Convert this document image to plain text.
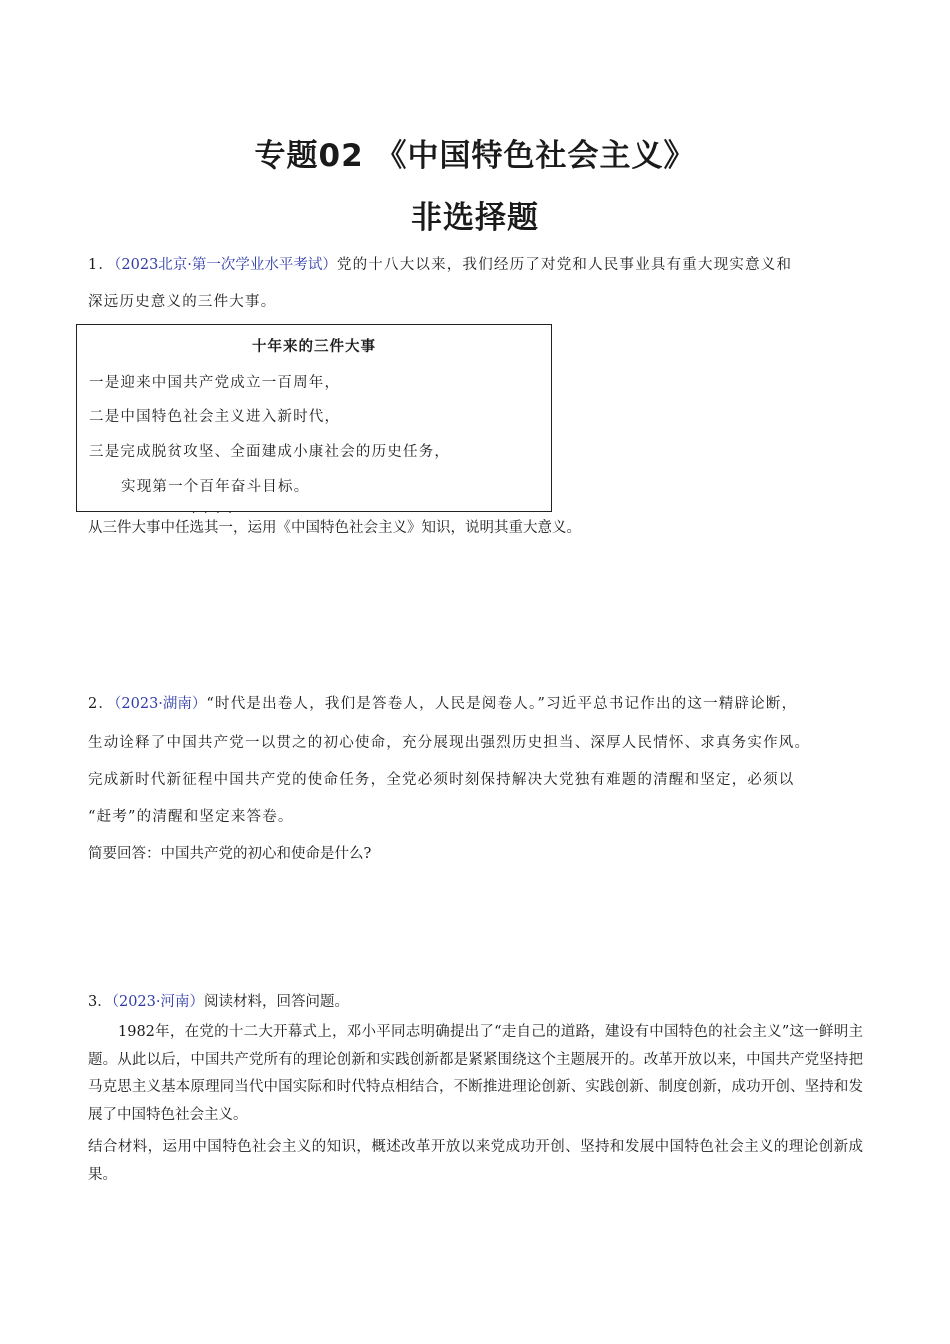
专题02 《中国特色社会主义》
非选择题
1．（2023北京·第一次学业水平考试）党的十八大以来，我们经历了对党和人民事业具有重大现实意义和
深远历史意义的三件大事。
十年来的三件大事
一是迎来中国共产党成立一百周年，
二是中国特色社会主义进入新时代，
三是完成脱贫攻坚、全面建成小康社会的历史任务，
实现第一个百年奋斗目标。
····
从三件大事中任选其一，运用《中国特色社会主义》知识，说明其重大意义。
2．（2023·湖南）“时代是出卷人，我们是答卷人，人民是阅卷人。”习近平总书记作出的这一精辟论断，
生动诠释了中国共产党一以贯之的初心使命，充分展现出强烈历史担当、深厚人民情怀、求真务实作风。
完成新时代新征程中国共产党的使命任务，全党必须时刻保持解决大党独有难题的清醒和坚定，必须以
“赶考”的清醒和坚定来答卷。
简要回答：中国共产党的初心和使命是什么?
3．（2023·河南）阅读材料，回答问题。
1982年，在党的十二大开幕式上，邓小平同志明确提出了“走自己的道路，建设有中国特色的社会主义”这一鲜明主题。从此以后，中国共产党所有的理论创新和实践创新都是紧紧围绕这个主题展开的。改革开放以来，中国共产党坚持把马克思主义基本原理同当代中国实际和时代特点相结合，不断推进理论创新、实践创新、制度创新，成功开创、坚持和发展了中国特色社会主义。
结合材料，运用中国特色社会主义的知识，概述改革开放以来党成功开创、坚持和发展中国特色社会主义的理论创新成果。
